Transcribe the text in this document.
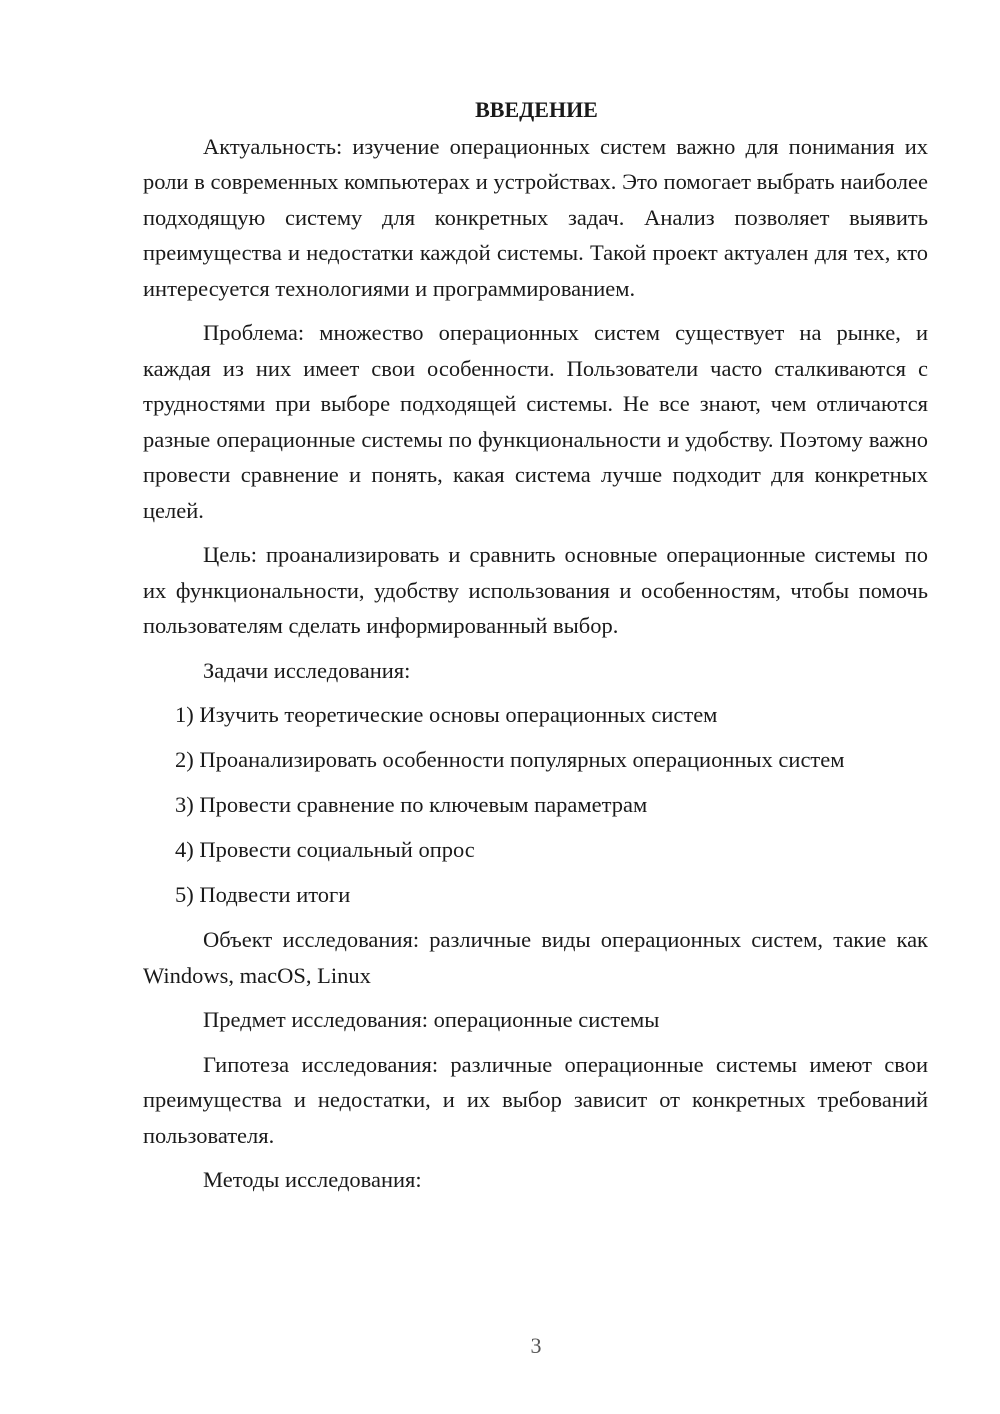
ВВЕДЕНИЕ

Актуальность: изучение операционных систем важно для понимания их роли в современных компьютерах и устройствах. Это помогает выбрать наиболее подходящую систему для конкретных задач. Анализ позволяет выявить преимущества и недостатки каждой системы. Такой проект актуален для тех, кто интересуется технологиями и программированием.

Проблема: множество операционных систем существует на рынке, и каждая из них имеет свои особенности. Пользователи часто сталкиваются с трудностями при выборе подходящей системы. Не все знают, чем отличаются разные операционные системы по функциональности и удобству. Поэтому важно провести сравнение и понять, какая система лучше подходит для конкретных целей.

Цель: проанализировать и сравнить основные операционные системы по их функциональности, удобству использования и особенностям, чтобы помочь пользователям сделать информированный выбор.

Задачи исследования:

1) Изучить теоретические основы операционных систем

2) Проанализировать особенности популярных операционных систем

3) Провести сравнение по ключевым параметрам

4) Провести социальный опрос

5) Подвести итоги

Объект исследования: различные виды операционных систем, такие как Windows, macOS, Linux

Предмет исследования: операционные системы

Гипотеза исследования: различные операционные системы имеют свои преимущества и недостатки, и их выбор зависит от конкретных требований пользователя.

Методы исследования:

3
